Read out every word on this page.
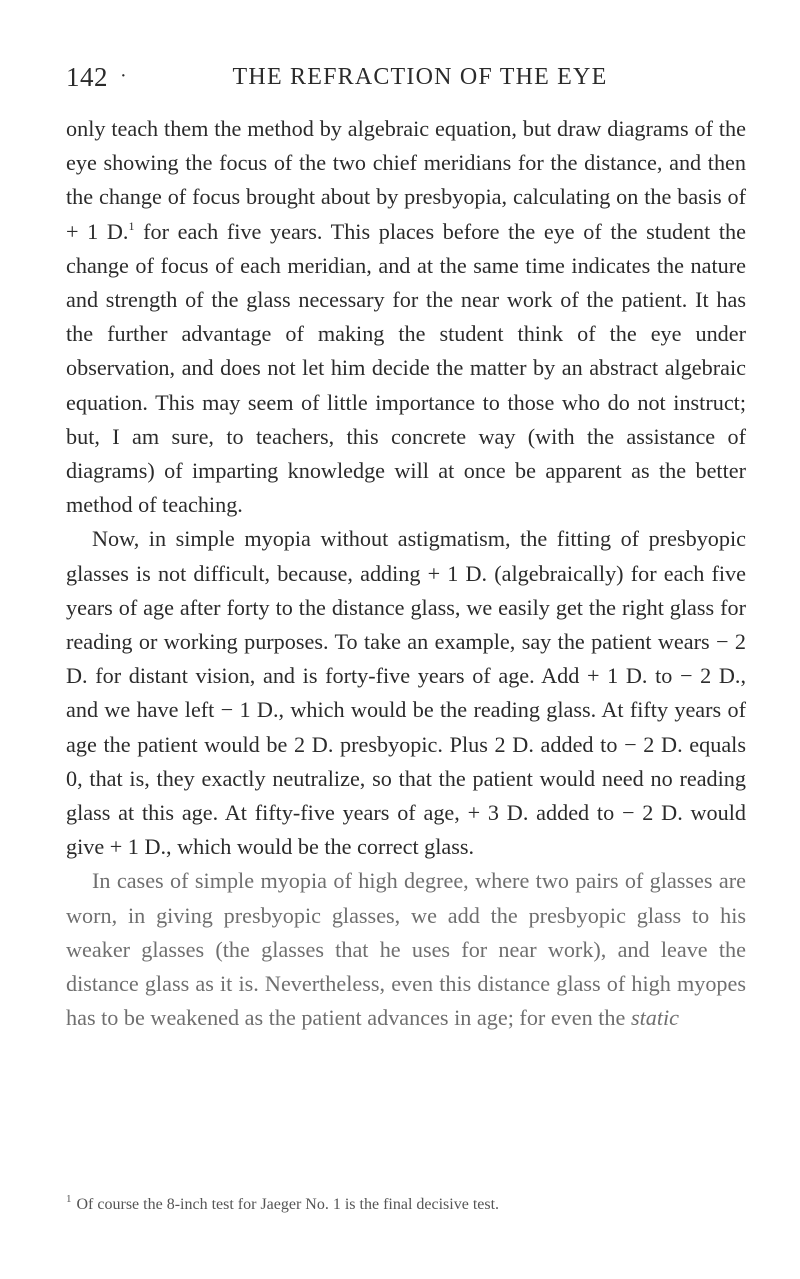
142 ·	THE REFRACTION OF THE EYE

only teach them the method by algebraic equation, but draw diagrams of the eye showing the focus of the two chief meridians for the distance, and then the change of focus brought about by presbyopia, calculating on the basis of + 1 D.$^1$ for each five years. This places before the eye of the student the change of focus of each meridian, and at the same time indicates the nature and strength of the glass necessary for the near work of the patient. It has the further advantage of making the student think of the eye under observation, and does not let him decide the matter by an abstract algebraic equation. This may seem of little importance to those who do not instruct; but, I am sure, to teachers, this concrete way (with the assistance of diagrams) of imparting knowledge will at once be apparent as the better method of teaching.

Now, in simple myopia without astigmatism, the fitting of presbyopic glasses is not difficult, because, adding + 1 D. (algebraically) for each five years of age after forty to the distance glass, we easily get the right glass for reading or working purposes. To take an example, say the patient wears − 2 D. for distant vision, and is forty-five years of age. Add + 1 D. to − 2 D., and we have left − 1 D., which would be the reading glass. At fifty years of age the patient would be 2 D. presbyopic. Plus 2 D. added to − 2 D. equals 0, that is, they exactly neutralize, so that the patient would need no reading glass at this age. At fifty-five years of age, + 3 D. added to − 2 D. would give + 1 D., which would be the correct glass.

In cases of simple myopia of high degree, where two pairs of glasses are worn, in giving presbyopic glasses, we add the presbyopic glass to his weaker glasses (the glasses that he uses for near work), and leave the distance glass as it is. Nevertheless, even this distance glass of high myopes has to be weakened as the patient advances in age; for even the static

$^1$ Of course the 8-inch test for Jaeger No. 1 is the final decisive test.
